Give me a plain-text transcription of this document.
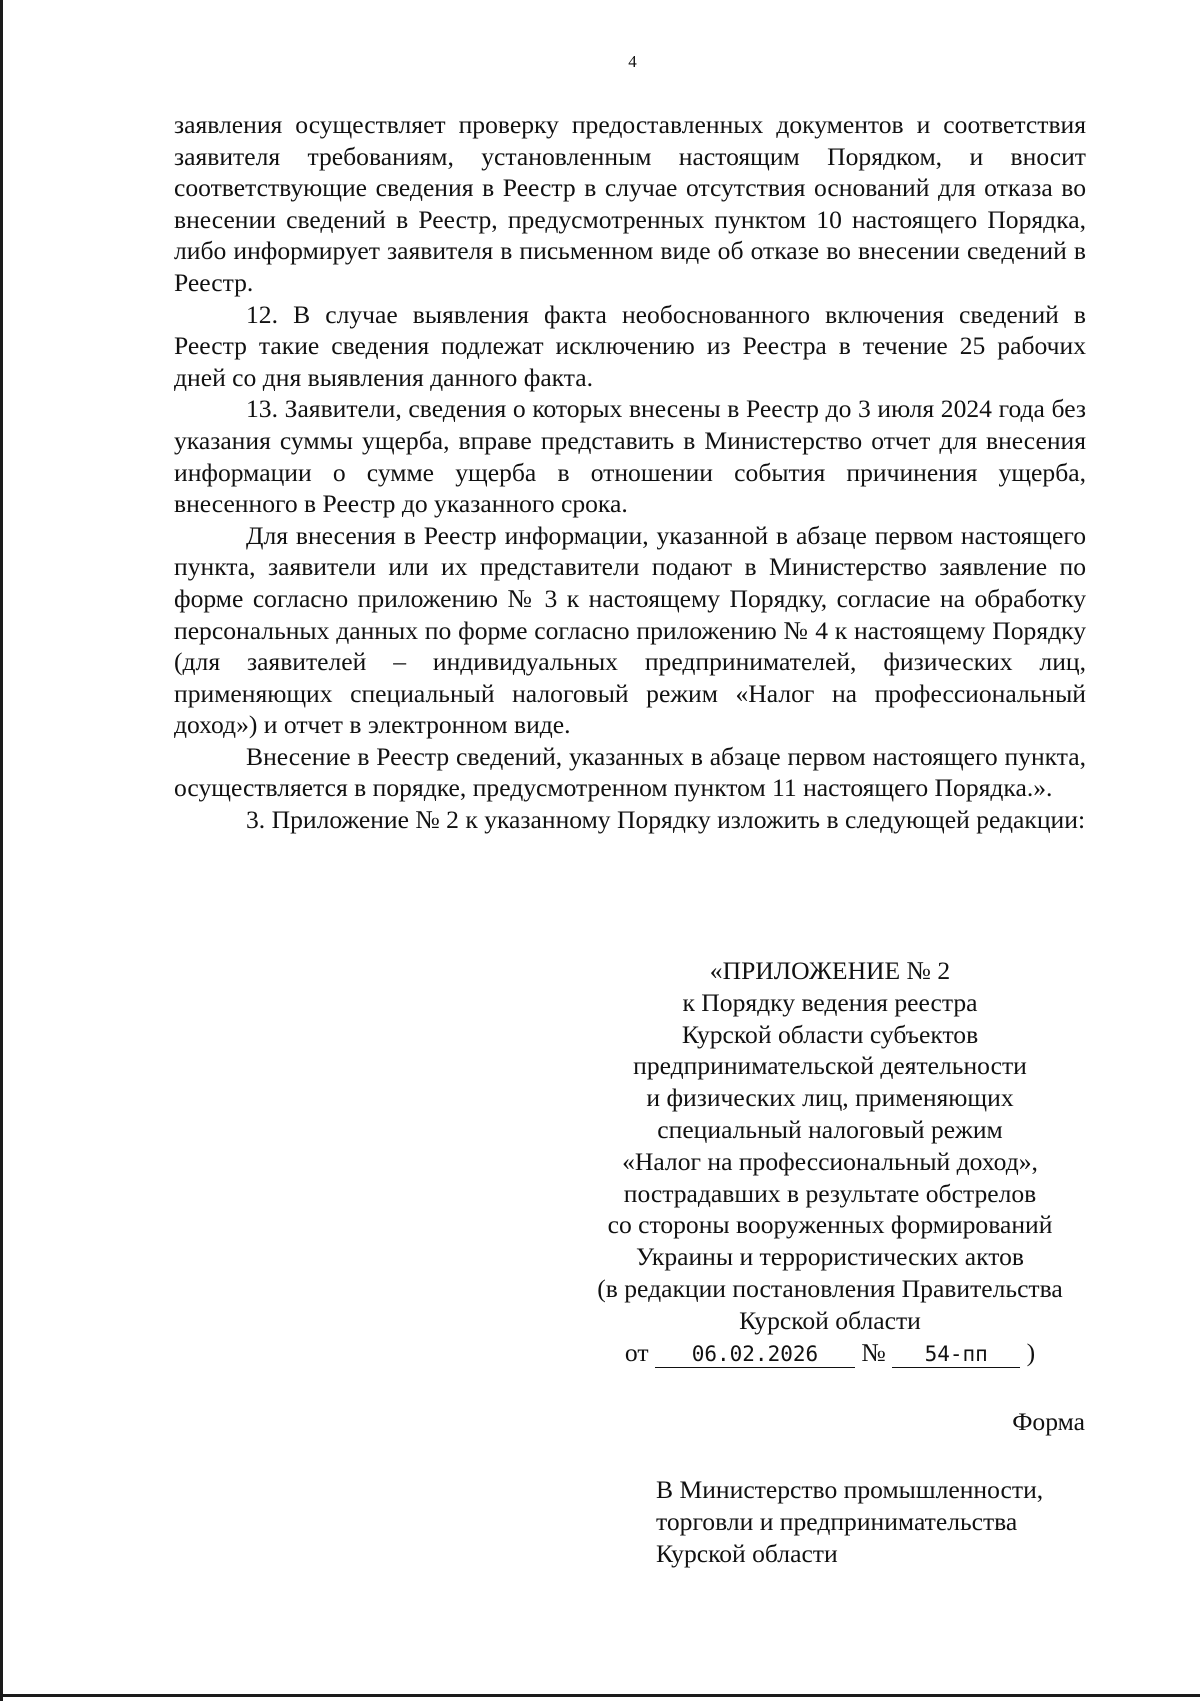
4

заявления осуществляет проверку предоставленных документов и соответствия заявителя требованиям, установленным настоящим Порядком, и вносит соответствующие сведения в Реестр в случае отсутствия оснований для отказа во внесении сведений в Реестр, предусмотренных пунктом 10 настоящего Порядка, либо информирует заявителя в письменном виде об отказе во внесении сведений в Реестр.

12. В случае выявления факта необоснованного включения сведений в Реестр такие сведения подлежат исключению из Реестра в течение 25 рабочих дней со дня выявления данного факта.

13. Заявители, сведения о которых внесены в Реестр до 3 июля 2024 года без указания суммы ущерба, вправе представить в Министерство отчет для внесения информации о сумме ущерба в отношении события причинения ущерба, внесенного в Реестр до указанного срока.

Для внесения в Реестр информации, указанной в абзаце первом настоящего пункта, заявители или их представители подают в Министерство заявление по форме согласно приложению № 3 к настоящему Порядку, согласие на обработку персональных данных по форме согласно приложению № 4 к настоящему Порядку (для заявителей – индивидуальных предпринимателей, физических лиц, применяющих специальный налоговый режим «Налог на профессиональный доход») и отчет в электронном виде.

Внесение в Реестр сведений, указанных в абзаце первом настоящего пункта, осуществляется в порядке, предусмотренном пунктом 11 настоящего Порядка.».

3. Приложение № 2 к указанному Порядку изложить в следующей редакции:

«ПРИЛОЖЕНИЕ № 2
к Порядку ведения реестра
Курской области субъектов
предпринимательской деятельности
и физических лиц, применяющих
специальный налоговый режим
«Налог на профессиональный доход»,
пострадавших в результате обстрелов
со стороны вооруженных формирований
Украины и террористических актов
(в редакции постановления Правительства
Курской области
от 06.02.2026 № 54-пп )
Форма
В Министерство промышленности,
торговли и предпринимательства
Курской области
